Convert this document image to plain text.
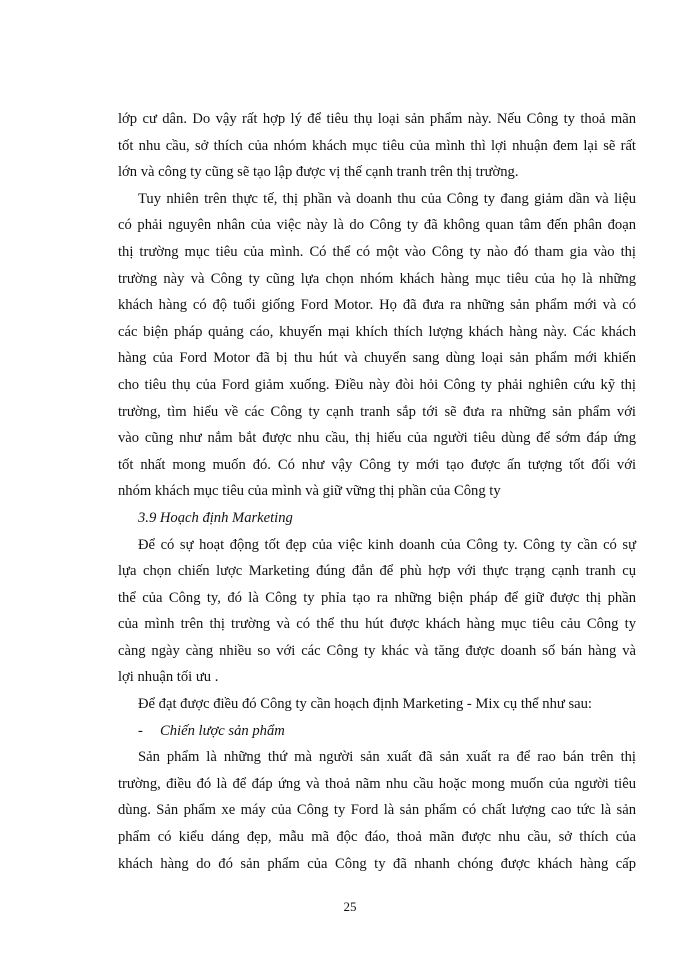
lớp cư dân. Do vậy rất hợp lý để tiêu thụ loại sản phẩm này. Nếu Công ty thoả mãn
tốt nhu cầu, sở thích của nhóm khách mục tiêu của mình thì lợi nhuận đem lại sẽ rất
lớn và công ty cũng sẽ tạo lập được vị thế cạnh tranh trên thị trường.
Tuy nhiên trên thực tế, thị phần và doanh thu của Công ty đang giảm dần và liệu
có phải nguyên nhân của việc này là do Công ty đã không quan tâm đến phân đoạn
thị trường mục tiêu của mình. Có thể có một vào Công ty nào đó tham gia vào thị
trường này và Công ty cũng lựa chọn nhóm khách hàng mục tiêu của họ là những
khách hàng có độ tuổi giống Ford Motor. Họ đã đưa ra những sản phẩm mới và có
các biện pháp quảng cáo, khuyến mại khích thích lượng khách hàng này. Các khách
hàng của Ford Motor đã bị thu hút và chuyển sang dùng loại sản phẩm mới khiến
cho tiêu thụ của Ford giảm xuống. Điều này đòi hỏi Công ty phải nghiên cứu kỹ thị
trường, tìm hiểu về các Công ty cạnh tranh sắp tới sẽ đưa ra những sản phẩm với
vào cũng như nắm bắt được nhu cầu, thị hiếu của người tiêu dùng để sớm đáp ứng
tốt nhất mong muốn đó. Có như vậy Công ty mới tạo được ấn tượng tốt đối với
nhóm khách mục tiêu của mình và giữ vững thị phần của Công ty
3.9 Hoạch định Marketing
Để có sự hoạt động tốt đẹp của việc kinh doanh của Công ty. Công ty cần có sự
lựa chọn chiến lược Marketing đúng đắn để phù hợp với thực trạng cạnh tranh cụ
thể của Công ty, đó là Công ty phỉa tạo ra những biện pháp để giữ được thị phần
của mình trên thị trường và có thể thu hút được khách hàng mục tiêu cảu Công ty
càng ngày càng nhiều so với các Công ty khác và tăng được doanh số bán hàng và
lợi nhuận tối ưu .
Để đạt được điều đó Công ty cần hoạch định Marketing - Mix cụ thể như sau:
- Chiến lược sản phẩm
Sản phẩm là những thứ mà người sản xuất đã sản xuất ra để rao bán trên thị
trường, điều đó là để đáp ứng và thoả nãm nhu cầu hoặc mong muốn của người tiêu
dùng. Sản phẩm xe máy của Công ty Ford là sản phẩm có chất lượng cao tức là sản
phẩm có kiểu dáng đẹp, mẫu mã độc đáo, thoả mãn được nhu cầu, sở thích của
khách hàng do đó sản phẩm của Công ty đã nhanh chóng được khách hàng cấp
25
